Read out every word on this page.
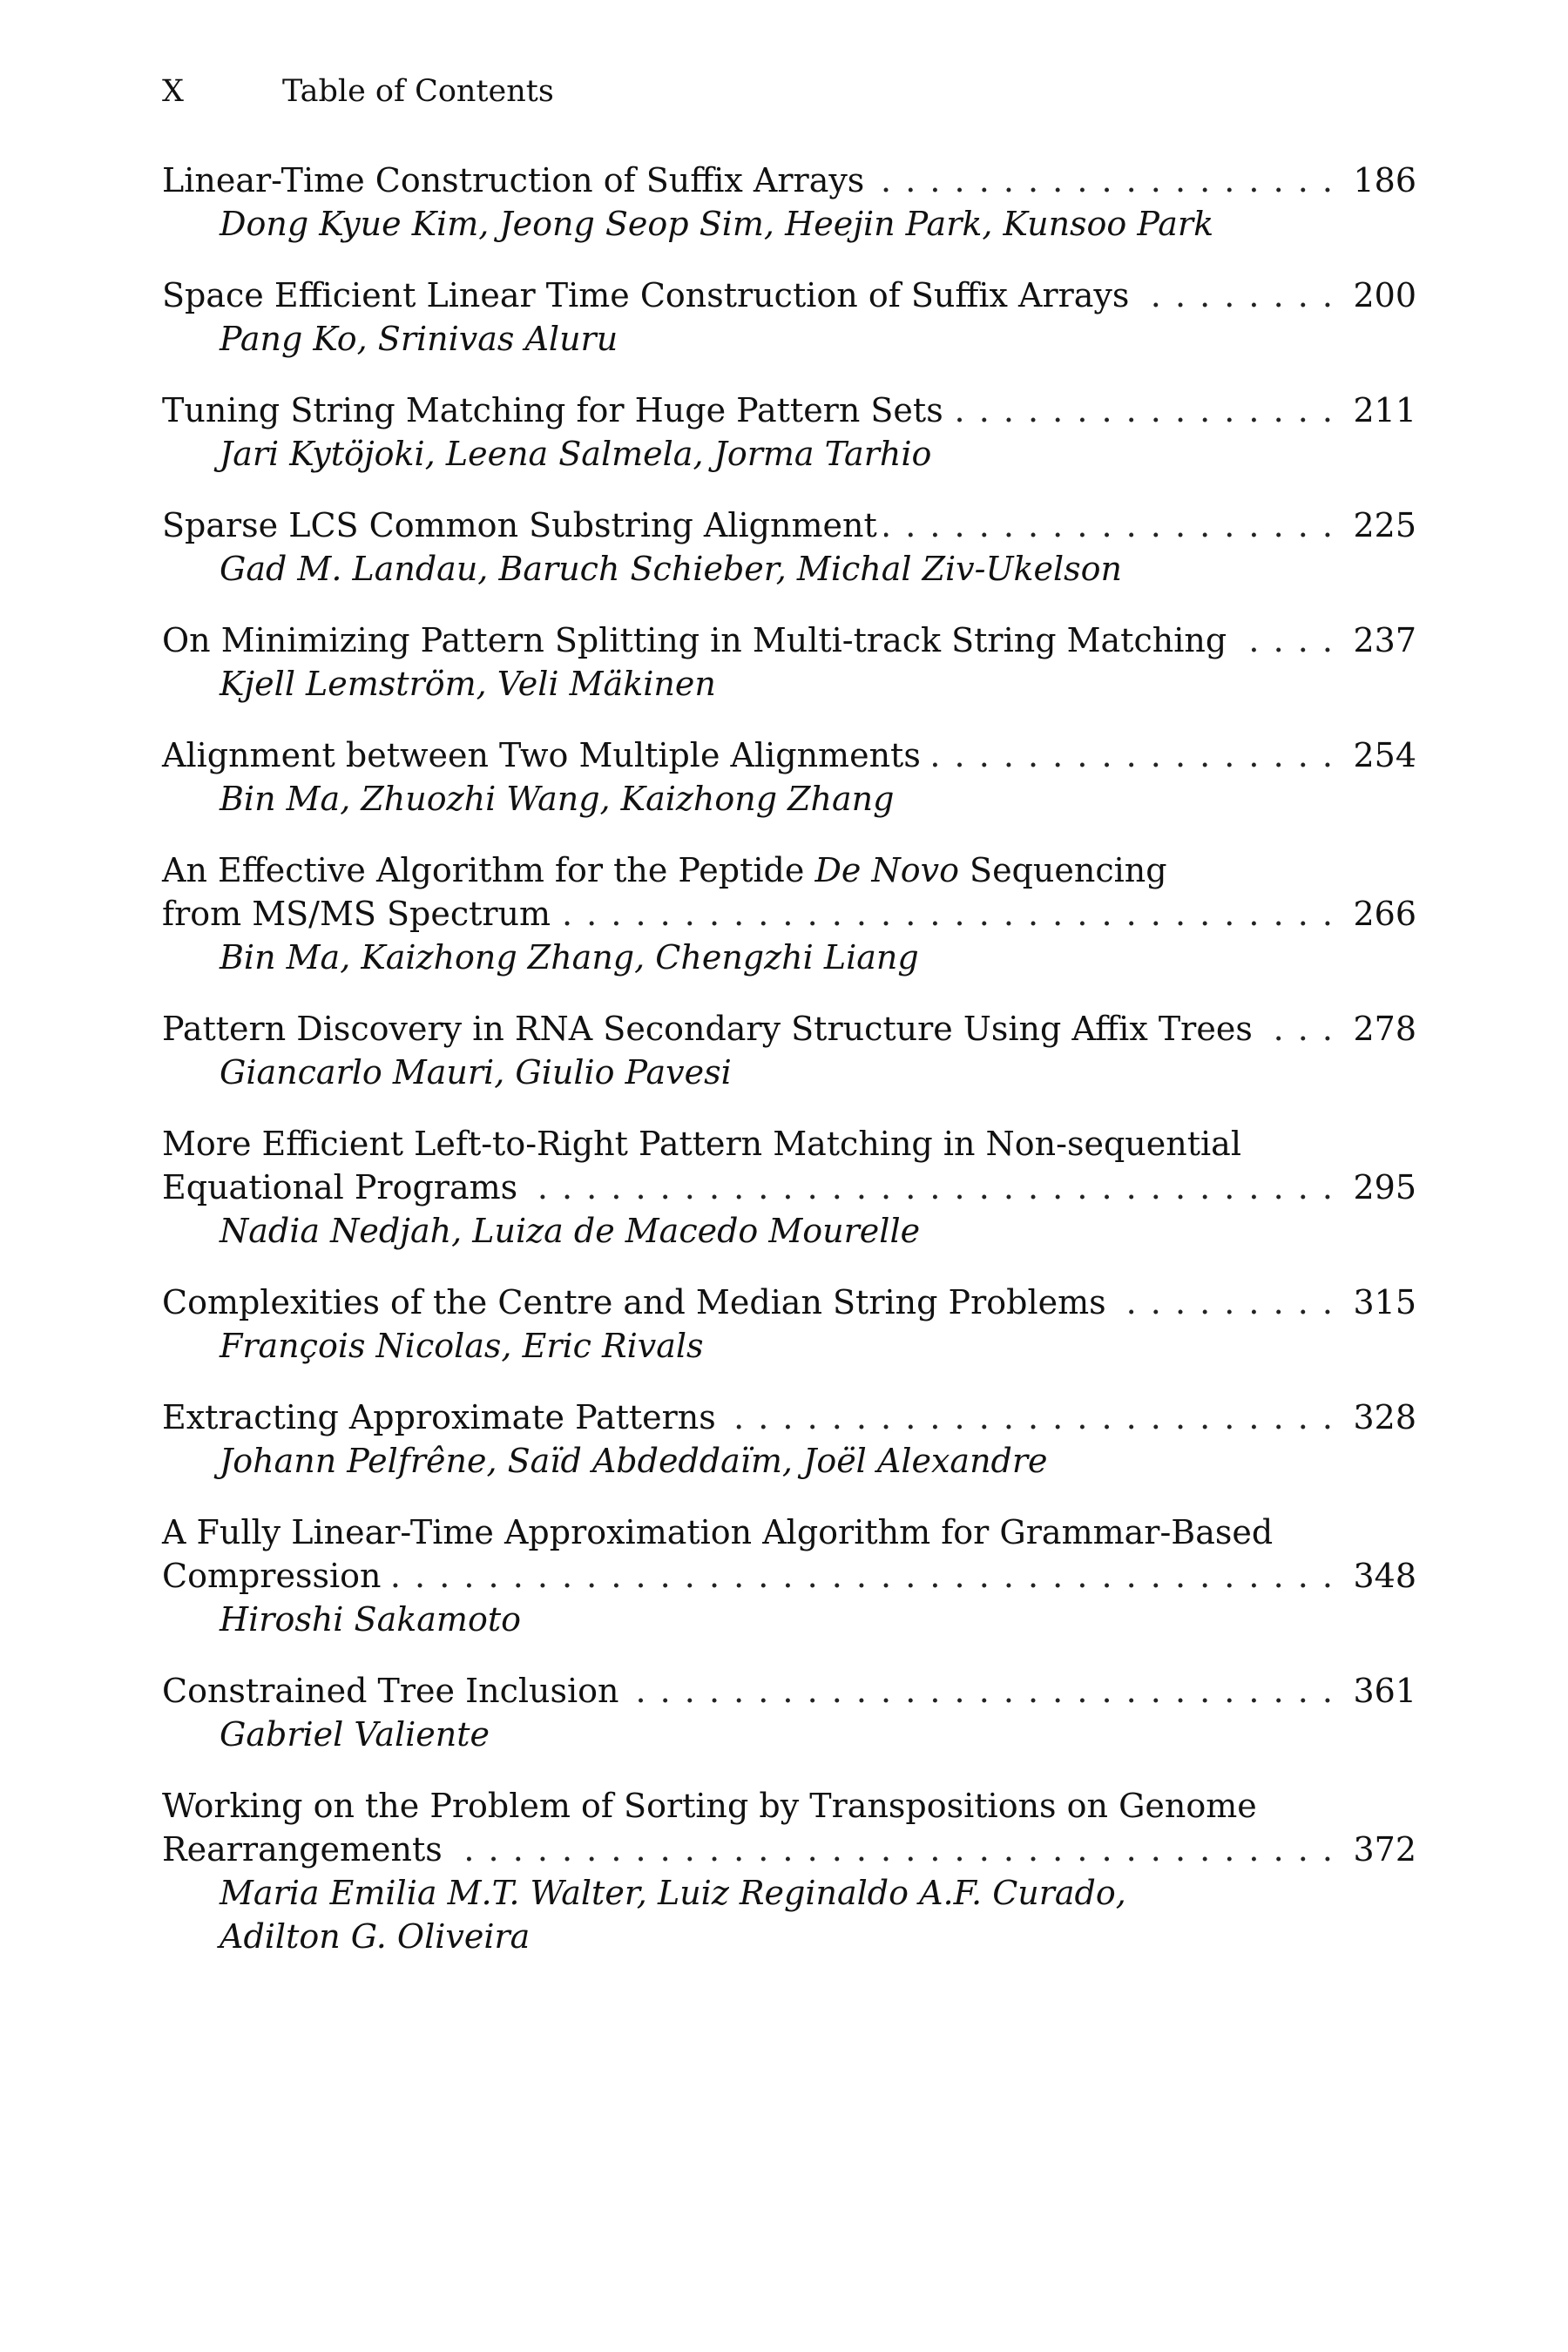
X	Table of Contents
Linear-Time Construction of Suffix Arrays . . .	186
Dong Kyue Kim, Jeong Seop Sim, Heejin Park, Kunsoo Park
Space Efficient Linear Time Construction of Suffix Arrays . . .	200
Pang Ko, Srinivas Aluru
Tuning String Matching for Huge Pattern Sets . . .	211
Jari Kytöjoki, Leena Salmela, Jorma Tarhio
Sparse LCS Common Substring Alignment . . .	225
Gad M. Landau, Baruch Schieber, Michal Ziv-Ukelson
On Minimizing Pattern Splitting in Multi-track String Matching . . .	237
Kjell Lemström, Veli Mäkinen
Alignment between Two Multiple Alignments . . .	254
Bin Ma, Zhuozhi Wang, Kaizhong Zhang
An Effective Algorithm for the Peptide De Novo Sequencing
from MS/MS Spectrum . . .	266
Bin Ma, Kaizhong Zhang, Chengzhi Liang
Pattern Discovery in RNA Secondary Structure Using Affix Trees . . .	278
Giancarlo Mauri, Giulio Pavesi
More Efficient Left-to-Right Pattern Matching in Non-sequential
Equational Programs . . .	295
Nadia Nedjah, Luiza de Macedo Mourelle
Complexities of the Centre and Median String Problems . . .	315
François Nicolas, Eric Rivals
Extracting Approximate Patterns . . .	328
Johann Pelfrêne, Saïd Abdeddaïm, Joël Alexandre
A Fully Linear-Time Approximation Algorithm for Grammar-Based
Compression . . .	348
Hiroshi Sakamoto
Constrained Tree Inclusion . . .	361
Gabriel Valiente
Working on the Problem of Sorting by Transpositions on Genome
Rearrangements . . .	372
Maria Emilia M.T. Walter, Luiz Reginaldo A.F. Curado,
Adilton G. Oliveira
